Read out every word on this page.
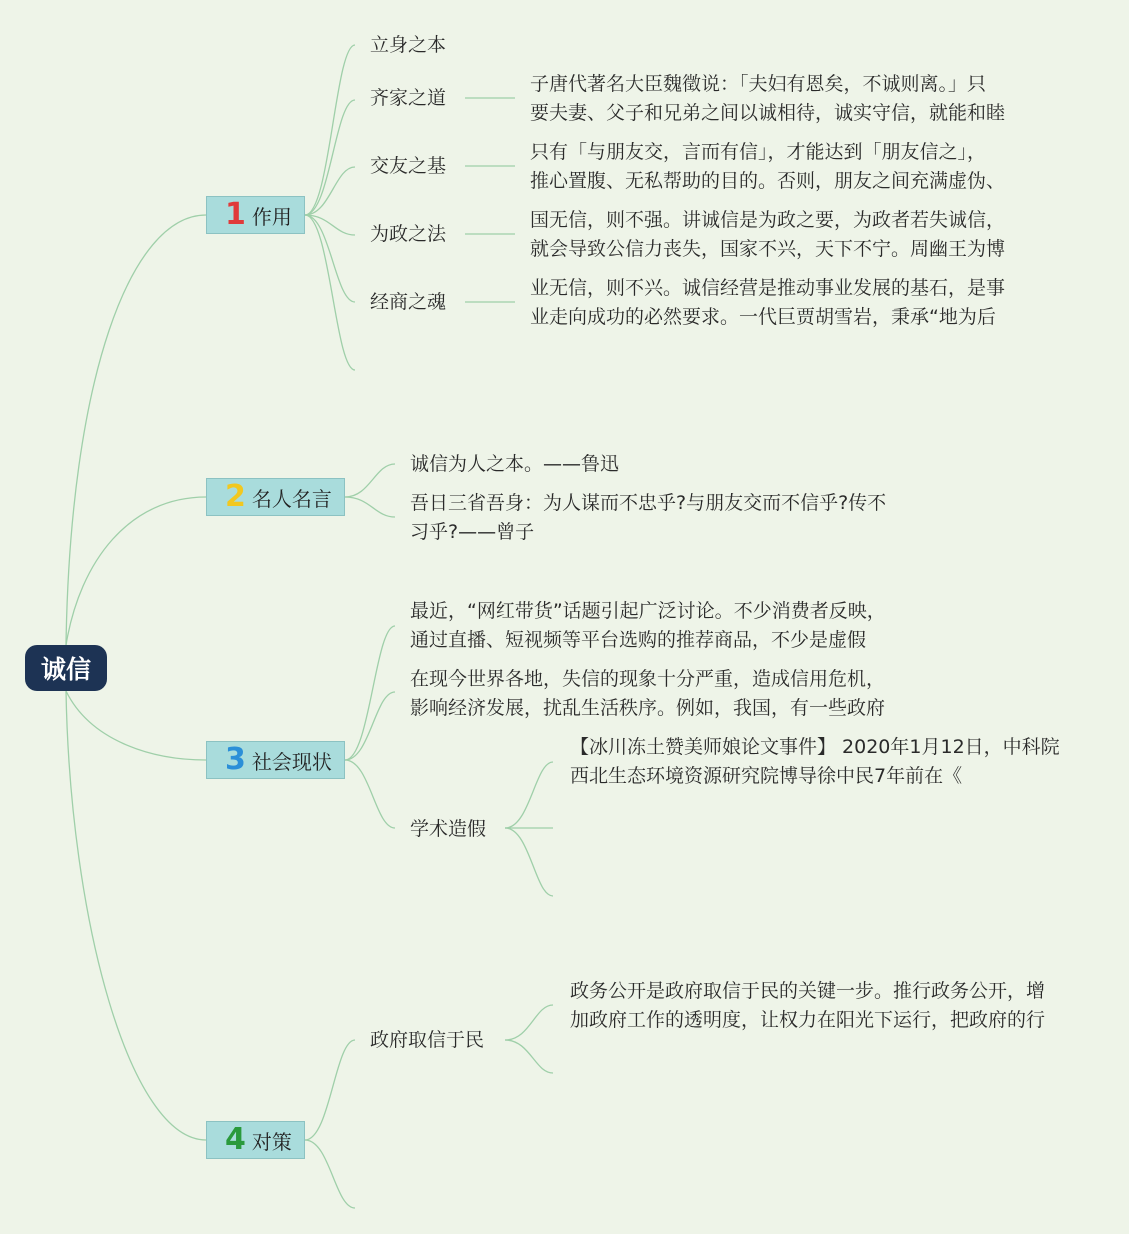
诚信
1 作用
立身之本
齐家之道
交友之基
为政之法
经商之魂
子唐代著名大臣魏徵说：「夫妇有恩矣，不诚则离。」只
要夫妻、父子和兄弟之间以诚相待，诚实守信，就能和睦
只有「与朋友交，言而有信」，才能达到「朋友信之」，
推心置腹、无私帮助的目的。否则，朋友之间充满虚伪、
国无信，则不强。讲诚信是为政之要，为政者若失诚信，
就会导致公信力丧失，国家不兴，天下不宁。周幽王为博
业无信，则不兴。诚信经营是推动事业发展的基石，是事
业走向成功的必然要求。一代巨贾胡雪岩，秉承“地为后
2 名人名言
诚信为人之本。——鲁迅
吾日三省吾身：为人谋而不忠乎?与朋友交而不信乎?传不
习乎?——曾子
3 社会现状
最近，“网红带货”话题引起广泛讨论。不少消费者反映，
通过直播、短视频等平台选购的推荐商品，不少是虚假
在现今世界各地，失信的现象十分严重，造成信用危机，
影响经济发展，扰乱生活秩序。例如，我国，有一些政府
学术造假
【冰川冻土赞美师娘论文事件】 2020年1月12日，中科院
西北生态环境资源研究院博导徐中民7年前在《
4 对策
政府取信于民
政务公开是政府取信于民的关键一步。推行政务公开，增
加政府工作的透明度，让权力在阳光下运行，把政府的行
